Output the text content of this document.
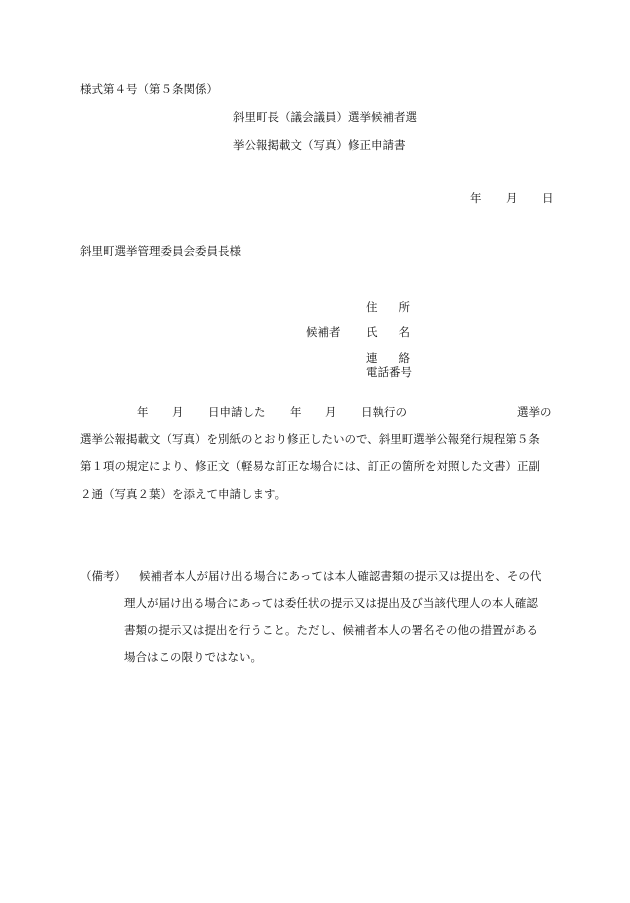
様式第４号（第５条関係）
斜里町長（議会議員）選挙候補者選
挙公報掲載文（写真）修正申請書
年	月	日
斜里町選挙管理委員会委員長様
住 所
候補者 氏 名
連 絡
電話番号
年 月 日申請した 年 月 日執行の	選挙の
選挙公報掲載文（写真）を別紙のとおり修正したいので、斜里町選挙公報発行規程第５条
第１項の規定により、修正文（軽易な訂正な場合には、訂正の箇所を対照した文書）正副
２通（写真２葉）を添えて申請します。
（備考） 候補者本人が届け出る場合にあっては本人確認書類の提示又は提出を、その代
理人が届け出る場合にあっては委任状の提示又は提出及び当該代理人の本人確認
書類の提示又は提出を行うこと。ただし、候補者本人の署名その他の措置がある
場合はこの限りではない。
